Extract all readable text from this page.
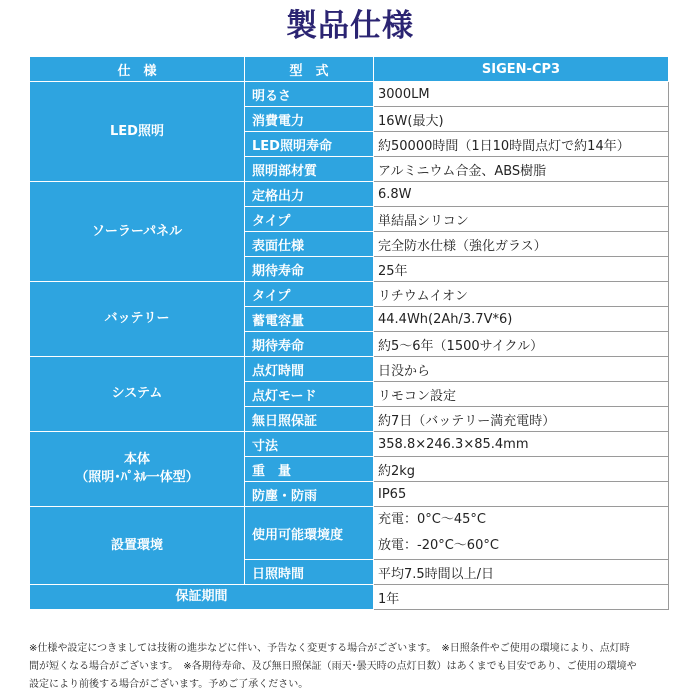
製品仕様
仕　様	型　式	SIGEN-CP3
LED照明	明るさ	3000LM
	消費電力	16W(最大)
	LED照明寿命	約50000時間（1日10時間点灯で約14年）
	照明部材質	アルミニウム合金、ABS樹脂
ソーラーパネル	定格出力	6.8W
	タイプ	単結晶シリコン
	表面仕様	完全防水仕様（強化ガラス）
	期待寿命	25年
バッテリー	タイプ	リチウムイオン
	蓄電容量	44.4Wh(2Ah/3.7V*6)
	期待寿命	約5～6年（1500サイクル）
システム	点灯時間	日没から
	点灯モード	リモコン設定
	無日照保証	約7日（バッテリー満充電時）

本体
（照明･ﾊﾟﾈﾙ一体型）	寸法	358.8×246.3×85.4mm
	重　量	約2kg
	防塵・防雨	IP65
設置環境	使用可能環境度	充電：0°C～45°C
放電：-20°C～60°C

	日照時間	平均7.5時間以上/日
保証期間		1年
※仕様や設定につきましては技術の進歩などに伴い、予告なく変更する場合がございます。　※日照条件やご使用の環境により、点灯時
間が短くなる場合がございます。　※各期待寿命、及び無日照保証（雨天･曇天時の点灯日数）はあくまでも目安であり、ご使用の環境や
設定により前後する場合がございます。予めご了承ください。
